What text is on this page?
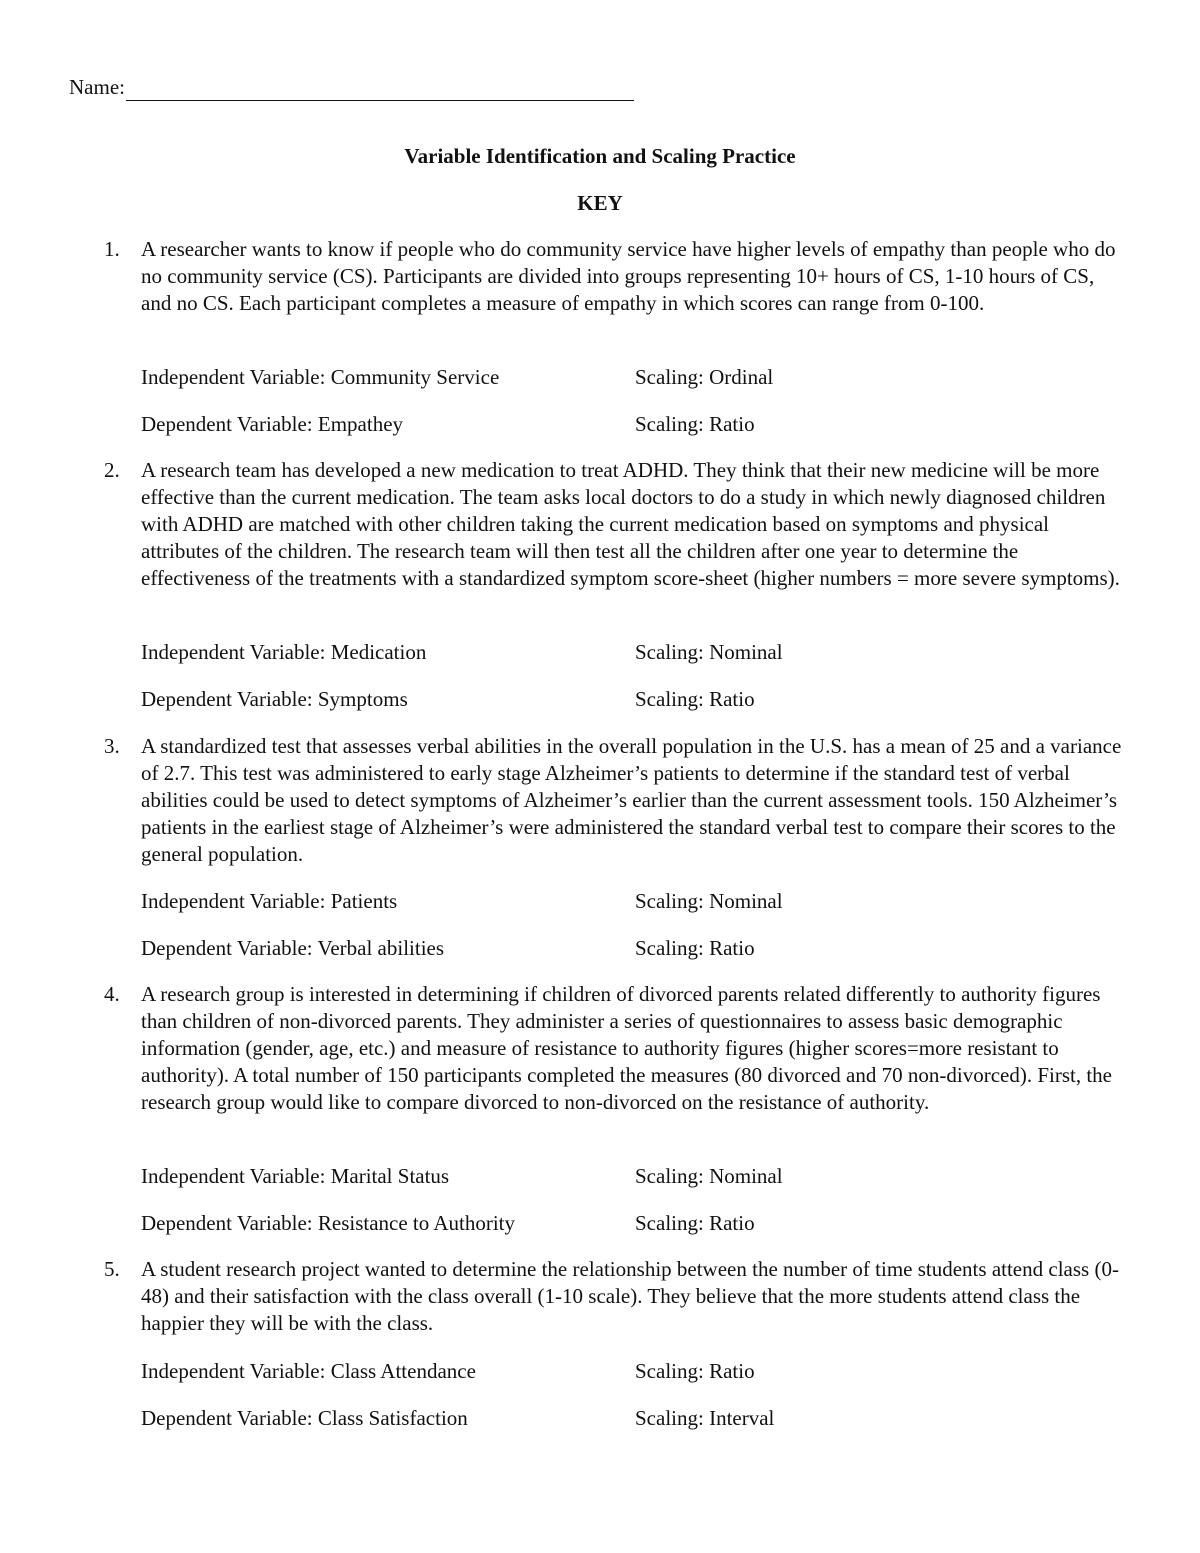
Name:
Variable Identification and Scaling Practice
KEY
1.	A researcher wants to know if people who do community service have higher levels of empathy than people who do no community service (CS). Participants are divided into groups representing 10+ hours of CS, 1-10 hours of CS, and no CS. Each participant completes a measure of empathy in which scores can range from 0-100.
Independent Variable: Community Service	Scaling: Ordinal
Dependent Variable: Empathey	Scaling: Ratio
2.	A research team has developed a new medication to treat ADHD. They think that their new medicine will be more effective than the current medication. The team asks local doctors to do a study in which newly diagnosed children with ADHD are matched with other children taking the current medication based on symptoms and physical attributes of the children. The research team will then test all the children after one year to determine the effectiveness of the treatments with a standardized symptom score-sheet (higher numbers = more severe symptoms).
Independent Variable: Medication	Scaling: Nominal
Dependent Variable: Symptoms	Scaling: Ratio
3.	A standardized test that assesses verbal abilities in the overall population in the U.S. has a mean of 25 and a variance of 2.7. This test was administered to early stage Alzheimer’s patients to determine if the standard test of verbal abilities could be used to detect symptoms of Alzheimer’s earlier than the current assessment tools. 150 Alzheimer’s patients in the earliest stage of Alzheimer’s were administered the standard verbal test to compare their scores to the general population.
Independent Variable: Patients	Scaling: Nominal
Dependent Variable: Verbal abilities	Scaling: Ratio
4.	A research group is interested in determining if children of divorced parents related differently to authority figures than children of non-divorced parents. They administer a series of questionnaires to assess basic demographic information (gender, age, etc.) and measure of resistance to authority figures (higher scores=more resistant to authority). A total number of 150 participants completed the measures (80 divorced and 70 non-divorced). First, the research group would like to compare divorced to non-divorced on the resistance of authority.
Independent Variable: Marital Status	Scaling: Nominal
Dependent Variable: Resistance to Authority	Scaling: Ratio
5.	A student research project wanted to determine the relationship between the number of time students attend class (0-48) and their satisfaction with the class overall (1-10 scale). They believe that the more students attend class the happier they will be with the class.
Independent Variable: Class Attendance	Scaling: Ratio
Dependent Variable: Class Satisfaction	Scaling: Interval
